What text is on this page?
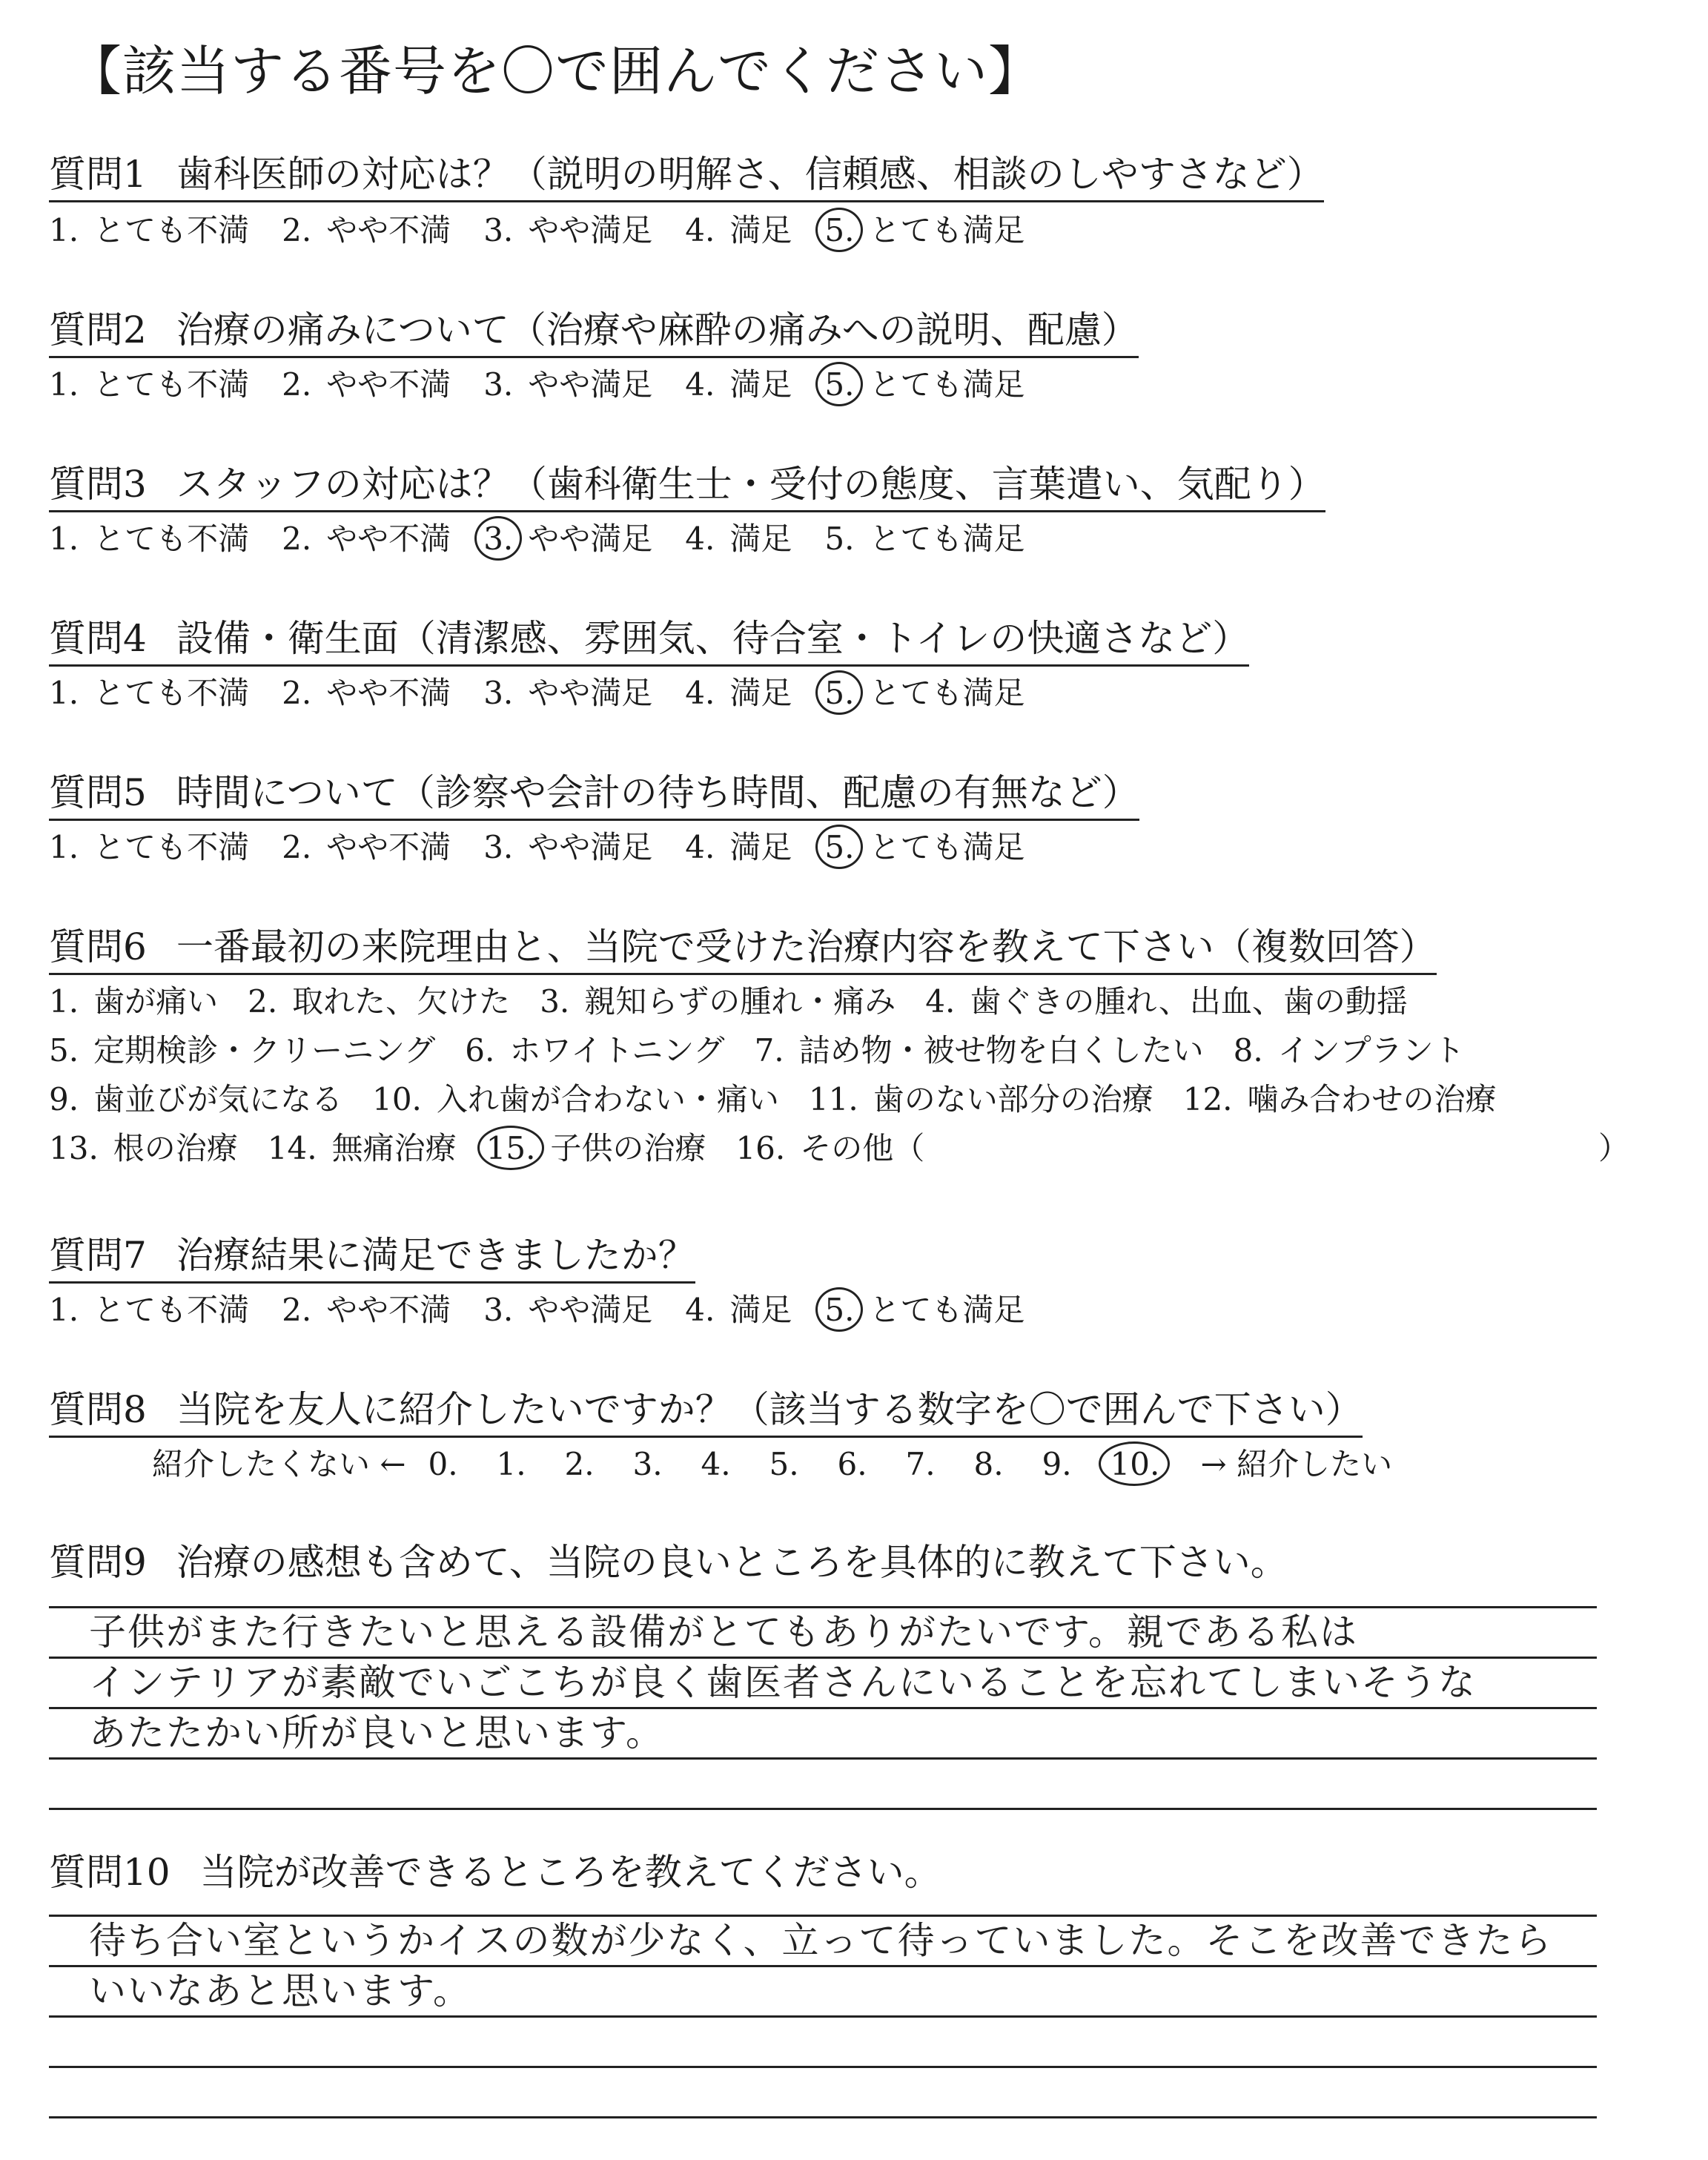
【該当する番号を〇で囲んでください】
質問1 歯科医師の対応は？（説明の明解さ、信頼感、相談のしやすさなど）
1. とても不満 2. やや不満 3. やや満足 4. 満足 5. とても満足
質問2 治療の痛みについて（治療や麻酔の痛みへの説明、配慮）
1. とても不満 2. やや不満 3. やや満足 4. 満足 5. とても満足
質問3 スタッフの対応は？（歯科衛生士・受付の態度、言葉遣い、気配り）
1. とても不満 2. やや不満 3. やや満足 4. 満足 5. とても満足
質問4 設備・衛生面（清潔感、雰囲気、待合室・トイレの快適さなど）
1. とても不満 2. やや不満 3. やや満足 4. 満足 5. とても満足
質問5 時間について（診察や会計の待ち時間、配慮の有無など）
1. とても不満 2. やや不満 3. やや満足 4. 満足 5. とても満足
質問6 一番最初の来院理由と、当院で受けた治療内容を教えて下さい（複数回答）
1. 歯が痛い 2. 取れた、欠けた 3. 親知らずの腫れ・痛み 4. 歯ぐきの腫れ、出血、歯の動揺
5. 定期検診・クリーニング 6. ホワイトニング 7. 詰め物・被せ物を白くしたい 8. インプラント
9. 歯並びが気になる 10. 入れ歯が合わない・痛い 11. 歯のない部分の治療 12. 噛み合わせの治療
13. 根の治療 14. 無痛治療 15. 子供の治療 16. その他（	）
質問7 治療結果に満足できましたか？
1. とても不満 2. やや不満 3. やや満足 4. 満足 5. とても満足
質問8 当院を友人に紹介したいですか？（該当する数字を〇で囲んで下さい）
紹介したくない ← 0. 1. 2. 3. 4. 5. 6. 7. 8. 9. 10. → 紹介したい
質問9 治療の感想も含めて、当院の良いところを具体的に教えて下さい。
子供がまた行きたいと思える設備がとてもありがたいです。親である私は
インテリアが素敵でいごこちが良く歯医者さんにいることを忘れてしまいそうな
あたたかい所が良いと思います。
質問10 当院が改善できるところを教えてください。
待ち合い室というかイスの数が少なく、立って待っていました。そこを改善できたら
いいなあと思います。
